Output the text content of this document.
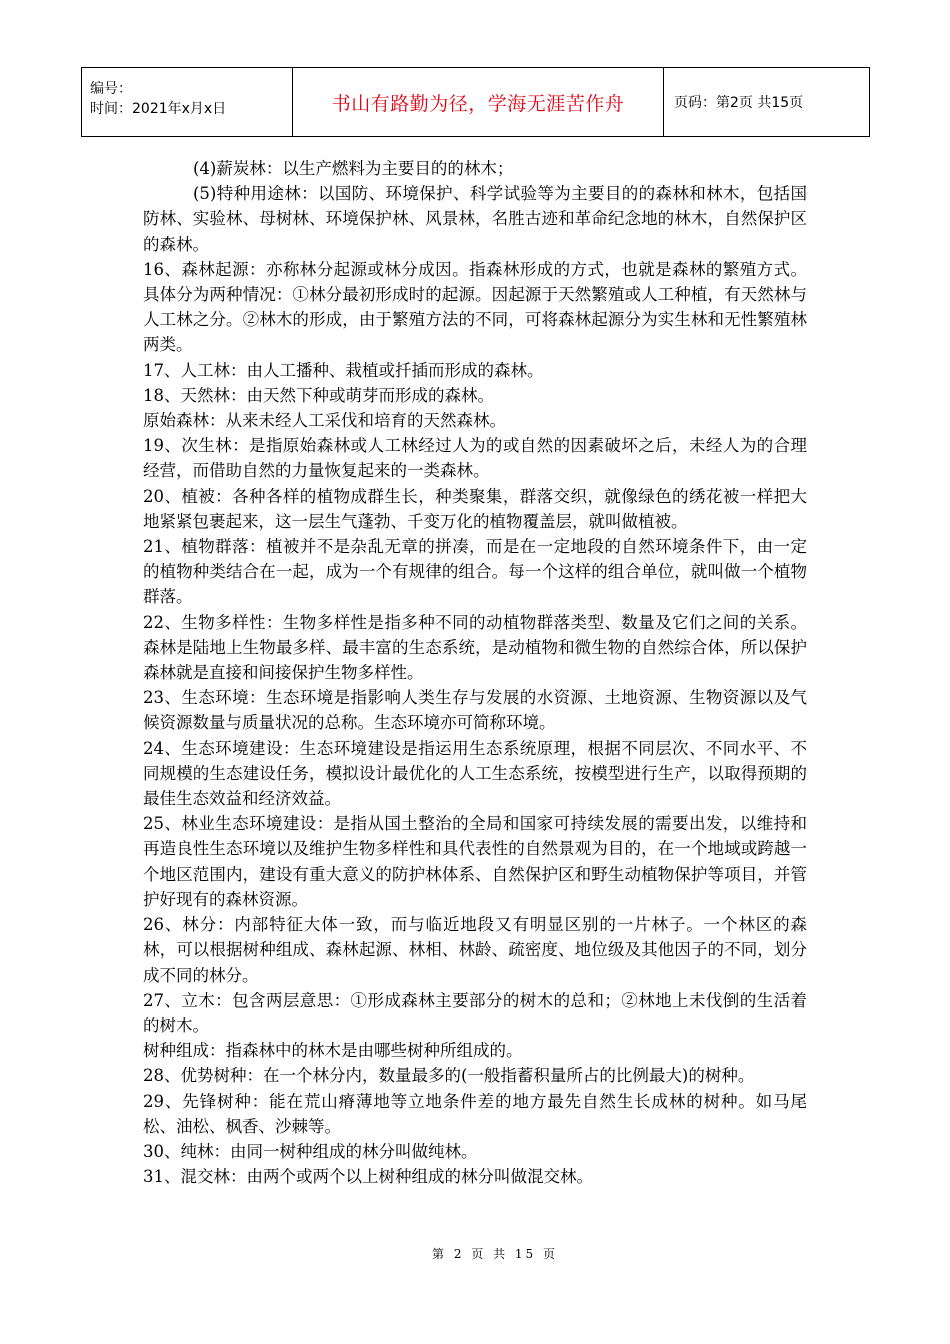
编号：
时间：2021年x月x日	书山有路勤为径，学海无涯苦作舟	页码：第2页 共15页

(4)薪炭林：以生产燃料为主要目的的林木；

(5)特种用途林：以国防、环境保护、科学试验等为主要目的的森林和林木，包括国防林、实验林、母树林、环境保护林、风景林，名胜古迹和革命纪念地的林木，自然保护区的森林。

16、森林起源：亦称林分起源或林分成因。指森林形成的方式，也就是森林的繁殖方式。具体分为两种情况：①林分最初形成时的起源。因起源于天然繁殖或人工种植，有天然林与人工林之分。②林木的形成，由于繁殖方法的不同，可将森林起源分为实生林和无性繁殖林两类。

17、人工林：由人工播种、栽植或扦插而形成的森林。

18、天然林：由天然下种或萌芽而形成的森林。

原始森林：从来未经人工采伐和培育的天然森林。

19、次生林：是指原始森林或人工林经过人为的或自然的因素破坏之后，未经人为的合理经营，而借助自然的力量恢复起来的一类森林。

20、植被：各种各样的植物成群生长，种类聚集，群落交织，就像绿色的绣花被一样把大地紧紧包裹起来，这一层生气蓬勃、千变万化的植物覆盖层，就叫做植被。

21、植物群落：植被并不是杂乱无章的拼凑，而是在一定地段的自然环境条件下，由一定的植物种类结合在一起，成为一个有规律的组合。每一个这样的组合单位，就叫做一个植物群落。

22、生物多样性：生物多样性是指多种不同的动植物群落类型、数量及它们之间的关系。森林是陆地上生物最多样、最丰富的生态系统，是动植物和微生物的自然综合体，所以保护森林就是直接和间接保护生物多样性。

23、生态环境：生态环境是指影响人类生存与发展的水资源、土地资源、生物资源以及气候资源数量与质量状况的总称。生态环境亦可简称环境。

24、生态环境建设：生态环境建设是指运用生态系统原理，根据不同层次、不同水平、不同规模的生态建设任务，模拟设计最优化的人工生态系统，按模型进行生产，以取得预期的最佳生态效益和经济效益。

25、林业生态环境建设：是指从国土整治的全局和国家可持续发展的需要出发，以维持和再造良性生态环境以及维护生物多样性和具代表性的自然景观为目的，在一个地域或跨越一个地区范围内，建设有重大意义的防护林体系、自然保护区和野生动植物保护等项目，并管护好现有的森林资源。

26、林分：内部特征大体一致，而与临近地段又有明显区别的一片林子。一个林区的森林，可以根据树种组成、森林起源、林相、林龄、疏密度、地位级及其他因子的不同，划分成不同的林分。

27、立木：包含两层意思：①形成森林主要部分的树木的总和；②林地上未伐倒的生活着的树木。

树种组成：指森林中的林木是由哪些树种所组成的。

28、优势树种：在一个林分内，数量最多的(一般指蓄积量所占的比例最大)的树种。

29、先锋树种：能在荒山瘠薄地等立地条件差的地方最先自然生长成林的树种。如马尾松、油松、枫香、沙棘等。

30、纯林：由同一树种组成的林分叫做纯林。

31、混交林：由两个或两个以上树种组成的林分叫做混交林。

第 2 页 共 15 页
